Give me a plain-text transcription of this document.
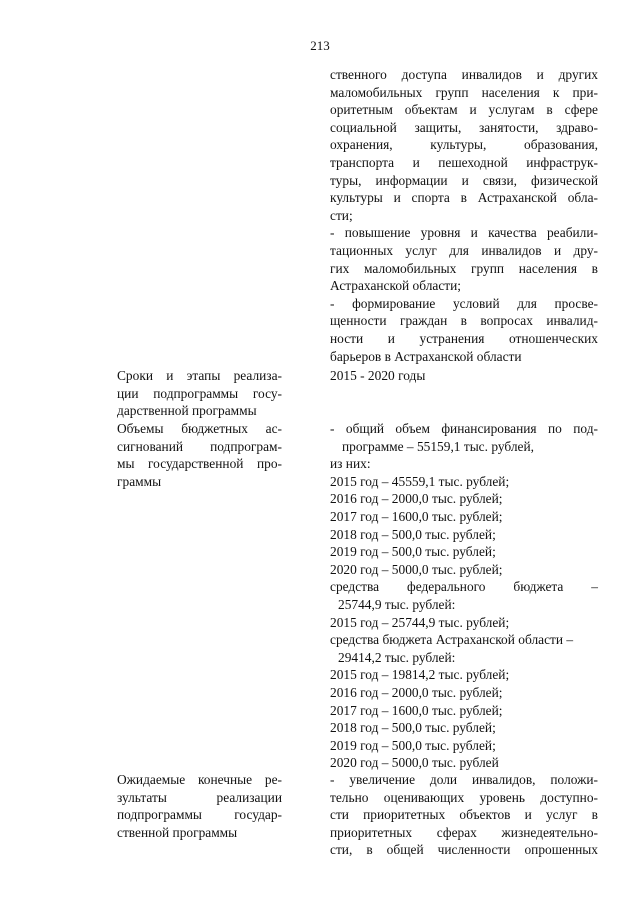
213
ственного доступа инвалидов и других
маломобильных групп населения к при-
оритетным объектам и услугам в сфере
социальной защиты, занятости, здраво-
охранения, культуры, образования,
транспорта и пешеходной инфраструк-
туры, информации и связи, физической
культуры и спорта в Астраханской обла-
сти;
- повышение уровня и качества реабили-
тационных услуг для инвалидов и дру-
гих маломобильных групп населения в
Астраханской области;
- формирование условий для просве-
щенности граждан в вопросах инвалид-
ности и устранения отношенческих
барьеров в Астраханской области
Сроки и этапы реализа-
ции подпрограммы госу-
дарственной программы
2015 - 2020 годы
Объемы бюджетных ас-
сигнований подпрограм-
мы государственной про-
граммы
- общий объем финансирования по под-
программе – 55159,1 тыс. рублей,
из них:
2015 год – 45559,1 тыс. рублей;
2016 год – 2000,0 тыс. рублей;
2017 год – 1600,0 тыс. рублей;
2018 год – 500,0 тыс. рублей;
2019 год – 500,0 тыс. рублей;
2020 год – 5000,0 тыс. рублей;
средства федерального бюджета –
25744,9 тыс. рублей:
2015 год – 25744,9 тыс. рублей;
средства бюджета Астраханской области –
29414,2 тыс. рублей:
2015 год – 19814,2 тыс. рублей;
2016 год – 2000,0 тыс. рублей;
2017 год – 1600,0 тыс. рублей;
2018 год – 500,0 тыс. рублей;
2019 год – 500,0 тыс. рублей;
2020 год – 5000,0 тыс. рублей
Ожидаемые конечные ре-
зультаты реализации
подпрограммы государ-
ственной программы
- увеличение доли инвалидов, положи-
тельно оценивающих уровень доступно-
сти приоритетных объектов и услуг в
приоритетных сферах жизнедеятельно-
сти, в общей численности опрошенных
